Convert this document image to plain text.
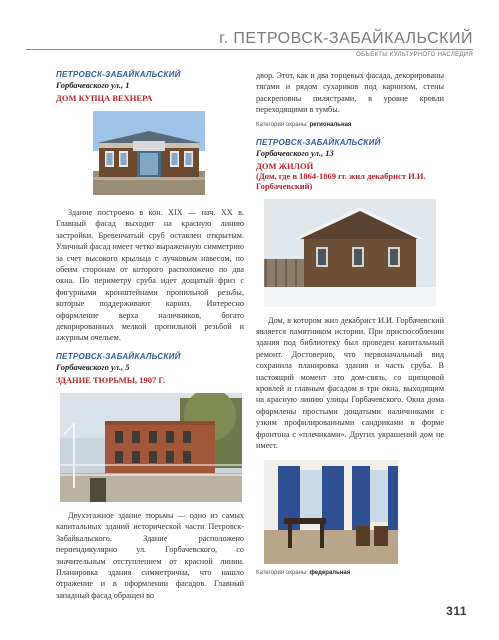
г. ПЕТРОВСК-ЗАБАЙКАЛЬСКИЙ
ОБЪЕКТЫ КУЛЬТУРНОГО НАСЛЕДИЯ
ПЕТРОВСК-ЗАБАЙКАЛЬСКИЙ
Горбачевского ул., 1
ДОМ КУПЦА ВЕХНЕРА
Здание построено в кон. XIX — нач. XX в. Главный фасад выходит на красную линию застройки. Бревенчатый сруб оставлен открытым. Уличный фасад имеет четко выраженную симметрию за счет высокого крыльца с лучковым навесом, по обеим сторонам от которого расположено по два окна. По периметру сруба идет дощатый фриз с фигурными кронштейнами пропильной резьбы, которые поддерживают карниз. Интересно оформление верха наличников, богато декорированных мелкой пропильной резьбой и ажурным очельем.
ПЕТРОВСК-ЗАБАЙКАЛЬСКИЙ
Горбачевского ул., 5
ЗДАНИЕ ТЮРЬМЫ, 1907 Г.
Двухэтажное здание тюрьмы — одно из самых капитальных зданий исторической части Петровск-Забайкальского. Здание расположено перпендикулярно ул. Горбачевского, со значительным отступлением от красной линии. Планировка здания симметрична, что нашло отражение и в оформлении фасадов. Главный западный фасад обращен во
двор. Этот, как и два торцевых фасада, декорированы тягами и рядом сухариков под карнизом, стены раскреповны пилястрами, в уровне кровли переходящими в тумбы.
Категория охраны: региональная
ПЕТРОВСК-ЗАБАЙКАЛЬСКИЙ
Горбачевского ул., 13
ДОМ ЖИЛОЙ
(Дом, где в 1864-1869 гг. жил декабрист И.И. Горбачевский)
Дом, в котором жил декабрист И.И. Горбачевский является памятником истории. При приспособлении здания под библиотеку был проведен капитальный ремонт. Достоверно, что первоначальный вид сохранила планировка здания и часть сруба. В настоящий момент это дом-связь, со щипцовой кровлей и главным фасадом в три окна, выходящим на красную линию улицы Горбачевского. Окна дома оформлены простыми дощатыми наличниками с узким профилированными сандриками в форме фронтона с «плечиками». Других украшений дом не имеет.
Категория охраны: федеральная
311
